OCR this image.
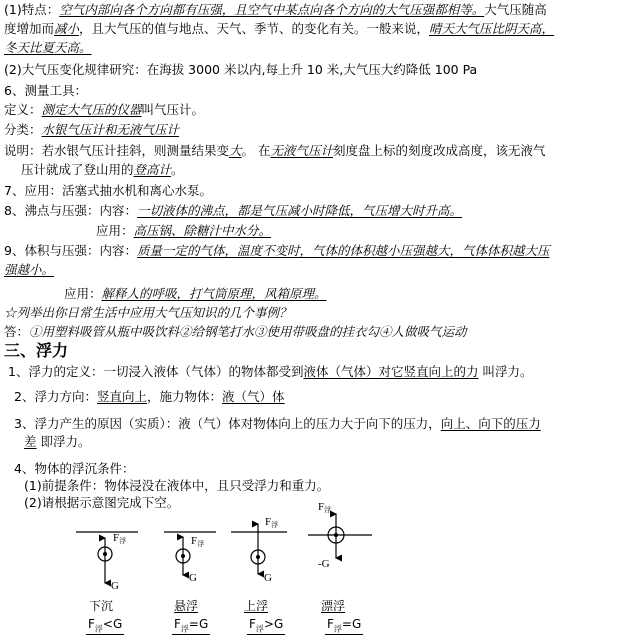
(1)特点：空气内部向各个方向都有压强，且空气中某点向各个方向的大气压强都相等。大气压随高
度增加而减小，且大气压的值与地点、天气、季节、的变化有关。一般来说，晴天大气压比阴天高，
冬天比夏天高。
(2)大气压变化规律研究：在海拔 3000 米以内,每上升 10 米,大气压大约降低 100 Pa
6、测量工具：
定义：测定大气压的仪器叫气压计。
分类：水银气压计和无液气压计
说明：若水银气压计挂斜，则测量结果变大。 在无液气压计刻度盘上标的刻度改成高度，该无液气
压计就成了登山用的登高计。
7、应用：活塞式抽水机和离心水泵。
8、沸点与压强：内容：一切液体的沸点，都是气压减小时降低，气压增大时升高。
应用：高压锅、除糖汁中水分。
9、体积与压强：内容：质量一定的气体，温度不变时，气体的体积越小压强越大，气体体积越大压
强越小。
应用：解释人的呼吸，打气筒原理，风箱原理。
☆列举出你日常生活中应用大气压知识的几个事例？
答：①用塑料吸管从瓶中吸饮料②给钢笔打水③使用带吸盘的挂衣勾④人做吸气运动
三、浮力
1、浮力的定义：一切浸入液体（气体）的物体都受到液体（气体）对它竖直向上的力 叫浮力。
2、浮力方向：竖直向上，施力物体：液（气）体
3、浮力产生的原因（实质）：液（气）体对物体向上的压力大于向下的压力，向上、向下的压力
差 即浮力。
4、物体的浮沉条件：
(1)前提条件：物体浸没在液体中，且只受浮力和重力。
(2)请根据示意图完成下空。
F浮
G
F浮
G
F浮
G
F浮
-G
下沉	悬浮	上浮	漂浮
$F_浮<G$	$F_浮=G$	$F_浮>G$	$F_浮=G$
